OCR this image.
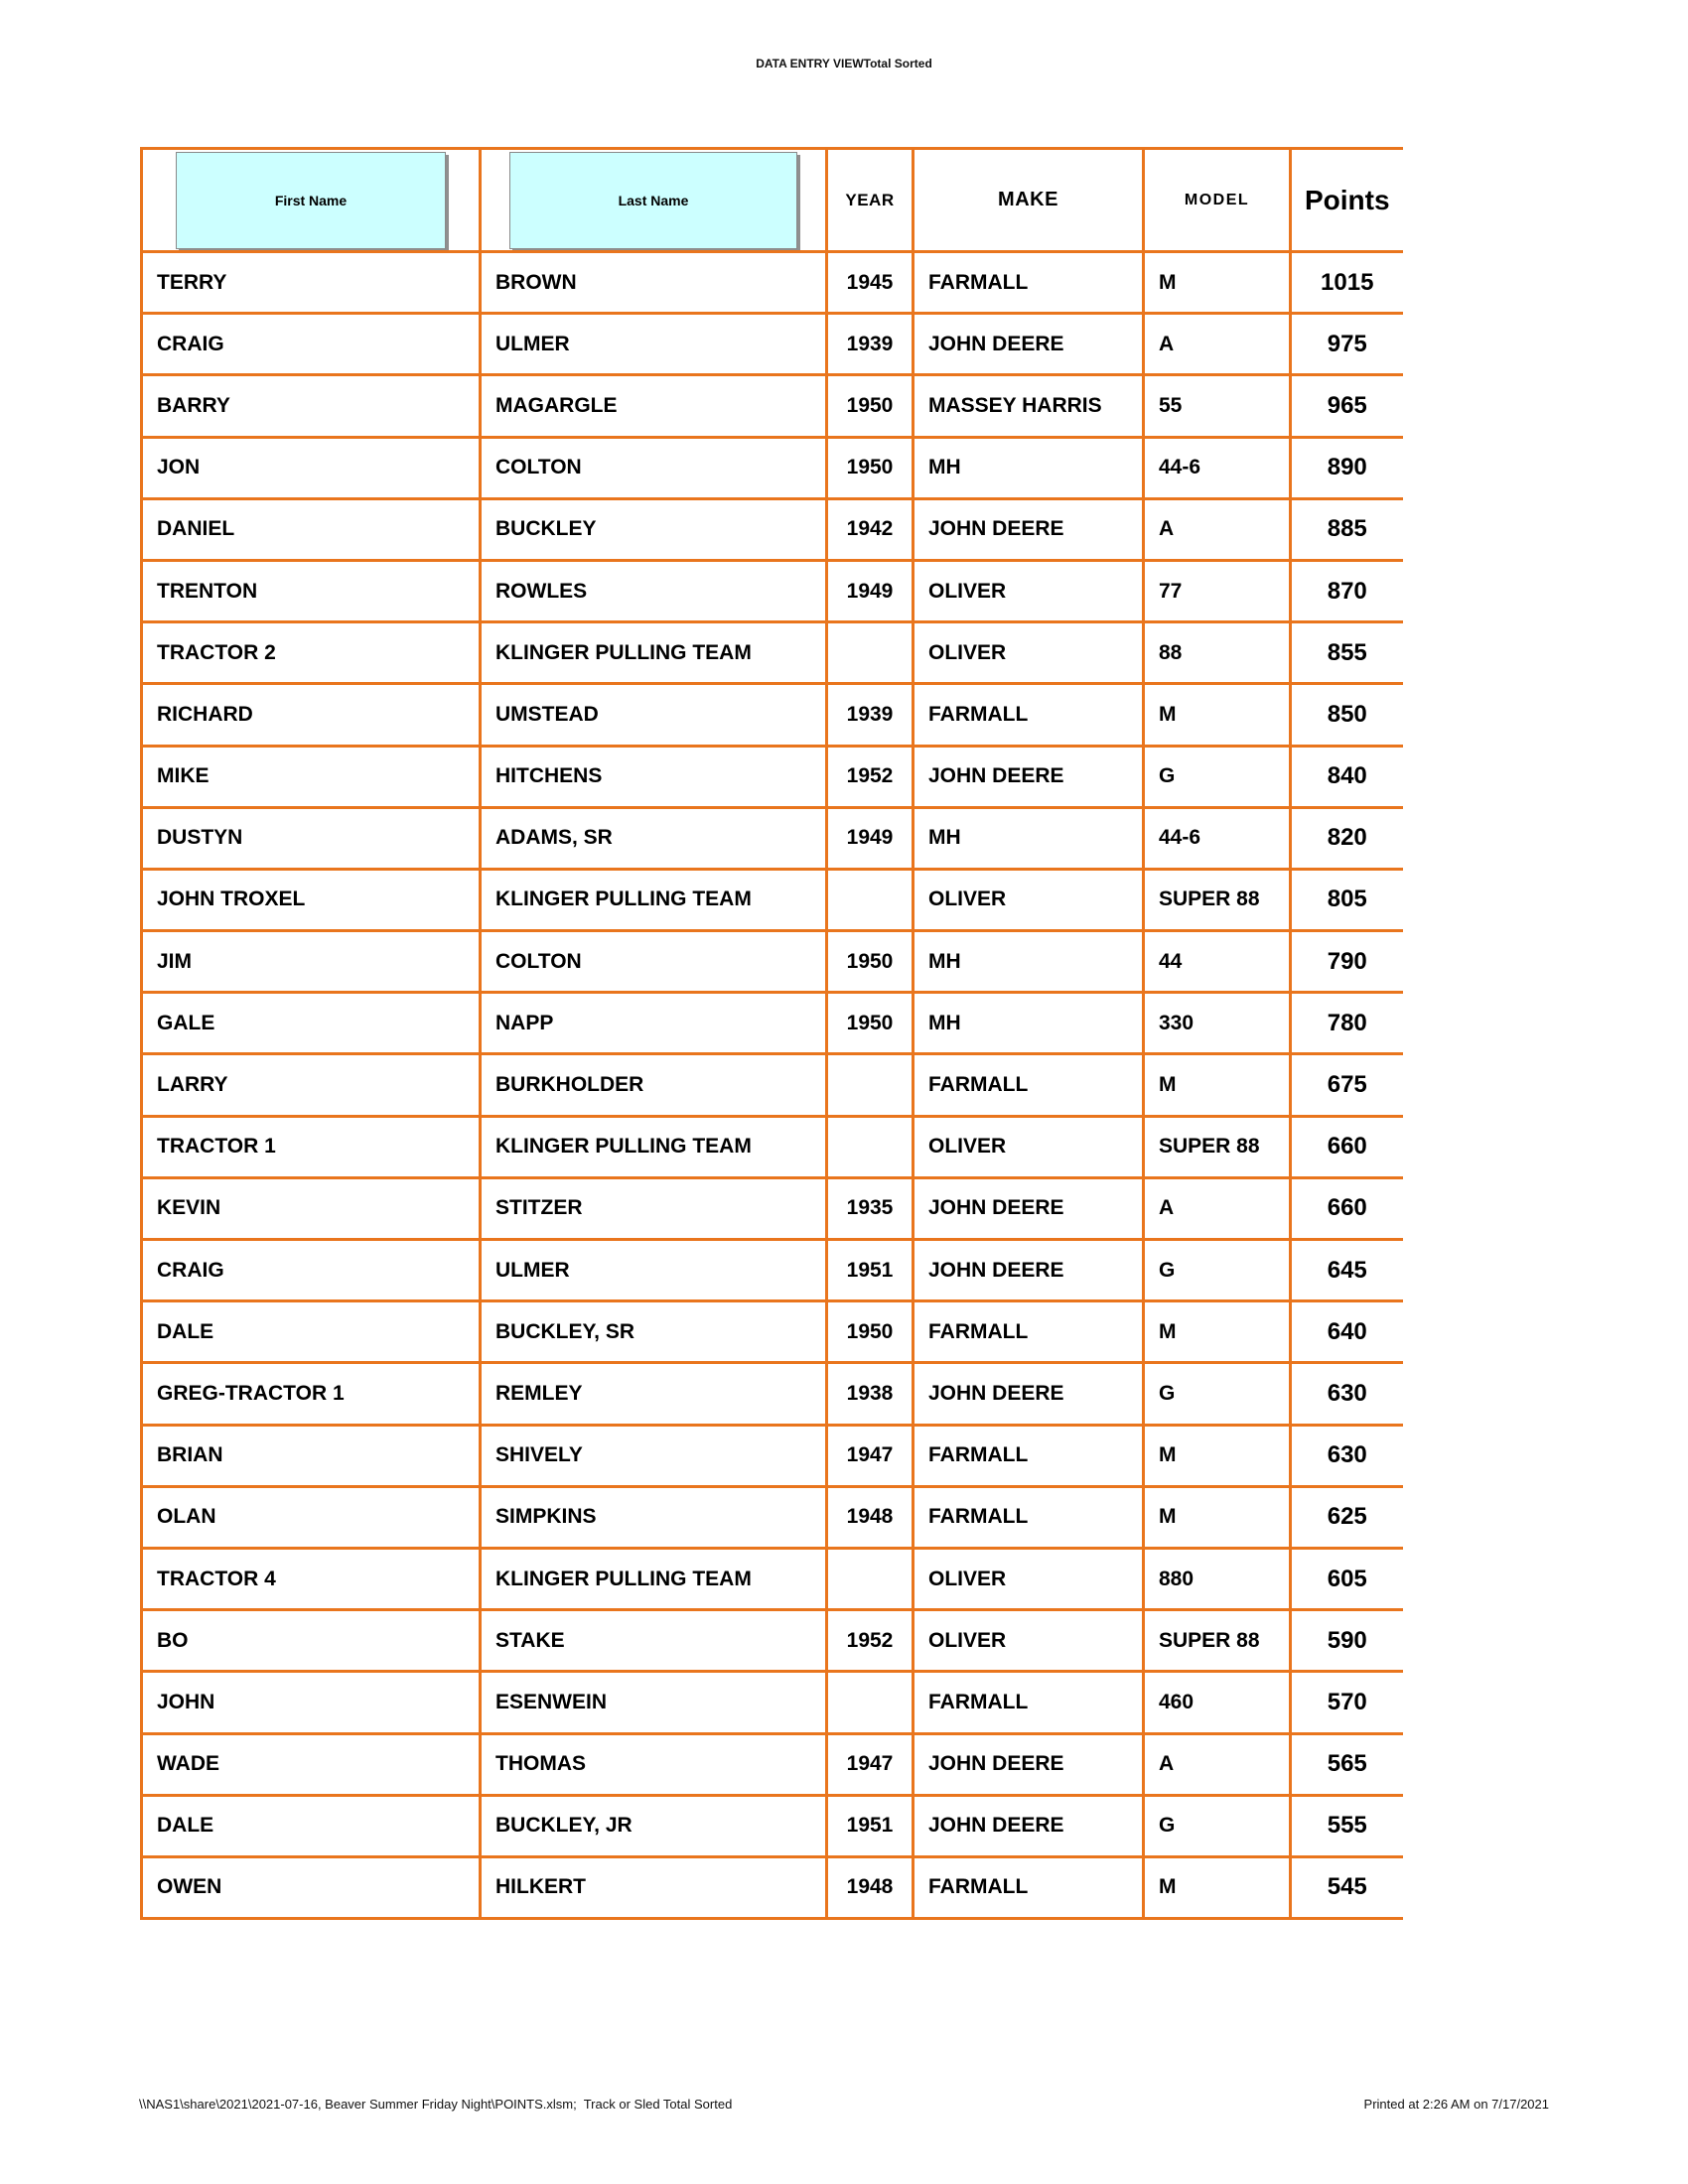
DATA ENTRY VIEWTotal Sorted
First Name	Last Name	YEAR	MAKE	MODEL	Points
TERRY	BROWN	1945	FARMALL	M	1015
CRAIG	ULMER	1939	JOHN DEERE	A	975
BARRY	MAGARGLE	1950	MASSEY HARRIS	55	965
JON	COLTON	1950	MH	44-6	890
DANIEL	BUCKLEY	1942	JOHN DEERE	A	885
TRENTON	ROWLES	1949	OLIVER	77	870
TRACTOR 2	KLINGER PULLING TEAM		OLIVER	88	855
RICHARD	UMSTEAD	1939	FARMALL	M	850
MIKE	HITCHENS	1952	JOHN DEERE	G	840
DUSTYN	ADAMS, SR	1949	MH	44-6	820
JOHN TROXEL	KLINGER PULLING TEAM		OLIVER	SUPER 88	805
JIM	COLTON	1950	MH	44	790
GALE	NAPP	1950	MH	330	780
LARRY	BURKHOLDER		FARMALL	M	675
TRACTOR 1	KLINGER PULLING TEAM		OLIVER	SUPER 88	660
KEVIN	STITZER	1935	JOHN DEERE	A	660
CRAIG	ULMER	1951	JOHN DEERE	G	645
DALE	BUCKLEY, SR	1950	FARMALL	M	640
GREG-TRACTOR 1	REMLEY	1938	JOHN DEERE	G	630
BRIAN	SHIVELY	1947	FARMALL	M	630
OLAN	SIMPKINS	1948	FARMALL	M	625
TRACTOR 4	KLINGER PULLING TEAM		OLIVER	880	605
BO	STAKE	1952	OLIVER	SUPER 88	590
JOHN	ESENWEIN		FARMALL	460	570
WADE	THOMAS	1947	JOHN DEERE	A	565
DALE	BUCKLEY, JR	1951	JOHN DEERE	G	555
OWEN	HILKERT	1948	FARMALL	M	545
\\NAS1\share\2021\2021-07-16, Beaver Summer Friday Night\POINTS.xlsm;  Track or Sled Total Sorted	Printed at 2:26 AM on 7/17/2021
